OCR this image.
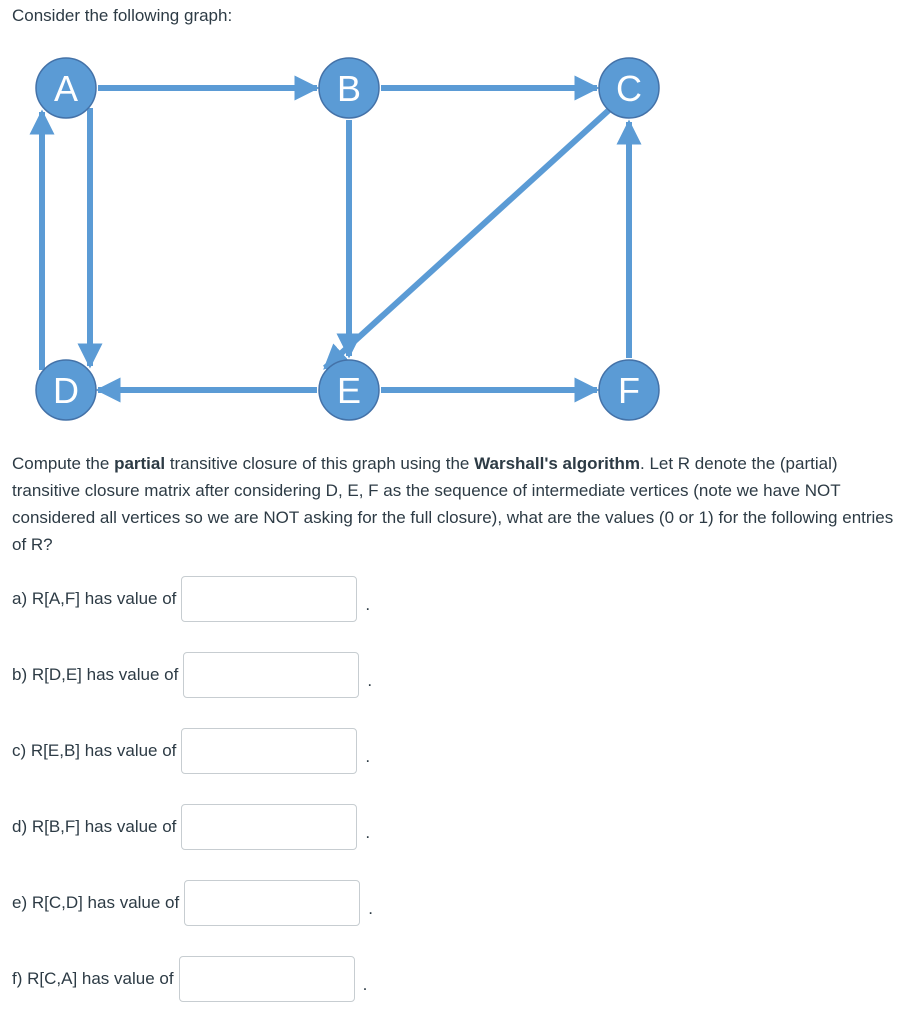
Consider the following graph:
A	B	C
D	E	F
Compute the partial transitive closure of this graph using the Warshall's algorithm. Let R denote the (partial) transitive closure matrix after considering D, E, F as the sequence of intermediate vertices (note we have NOT considered all vertices so we are NOT asking for the full closure), what are the values (0 or 1) for the following entries of R?
a) R[A,F] has value of	.
b) R[D,E] has value of	.
c) R[E,B] has value of	.
d) R[B,F] has value of	.
e) R[C,D] has value of	.
f) R[C,A] has value of	.
